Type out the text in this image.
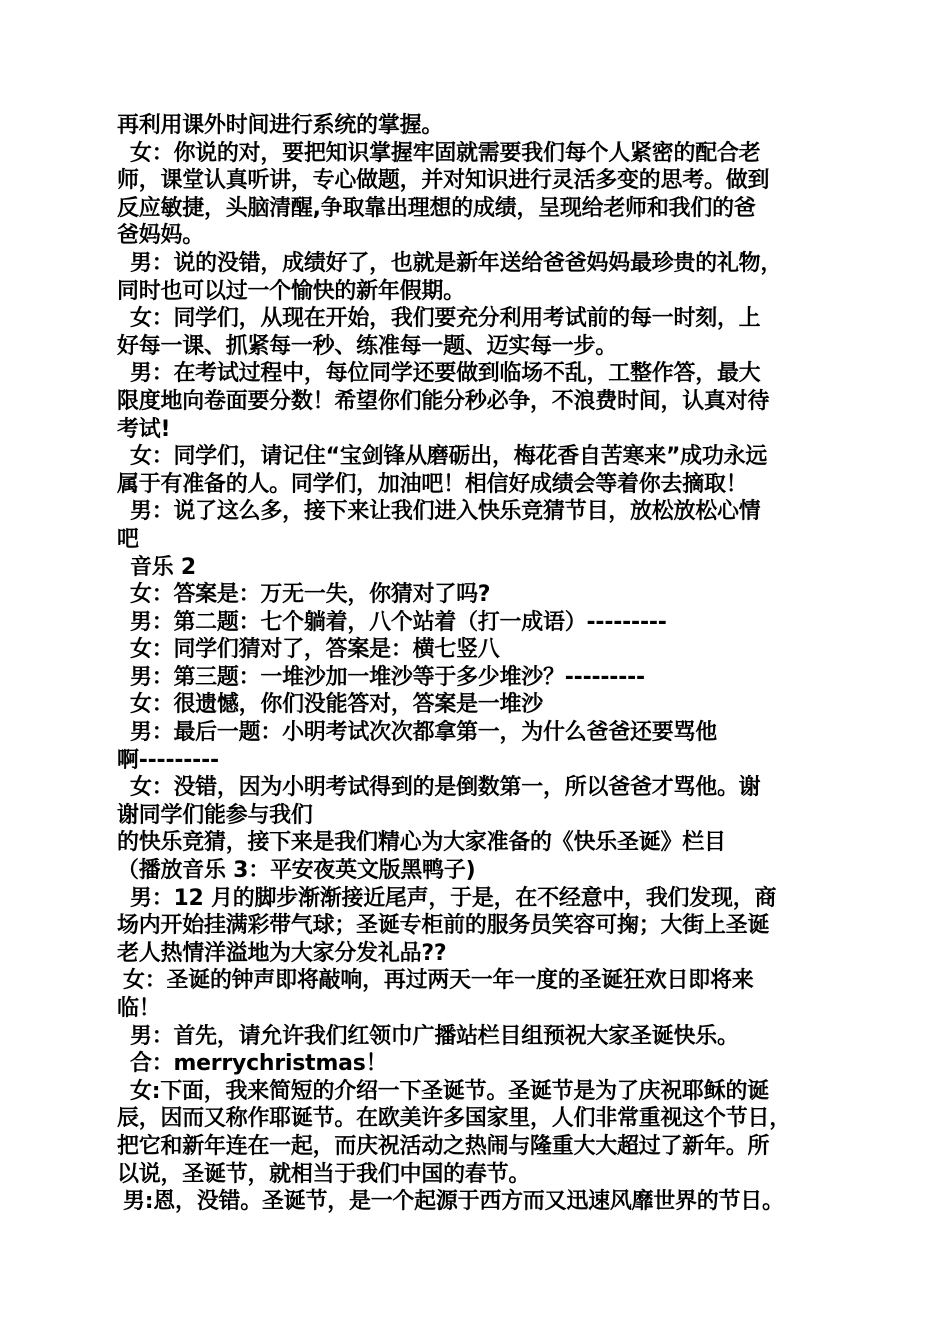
再利用课外时间进行系统的掌握。
女：你说的对，要把知识掌握牢固就需要我们每个人紧密的配合老
师，课堂认真听讲，专心做题，并对知识进行灵活多变的思考。做到
反应敏捷，头脑清醒,争取靠出理想的成绩，呈现给老师和我们的爸
爸妈妈。
男：说的没错，成绩好了，也就是新年送给爸爸妈妈最珍贵的礼物，
同时也可以过一个愉快的新年假期。
女：同学们，从现在开始，我们要充分利用考试前的每一时刻，上
好每一课、抓紧每一秒、练准每一题、迈实每一步。
男：在考试过程中，每位同学还要做到临场不乱，工整作答，最大
限度地向卷面要分数！希望你们能分秒必争，不浪费时间，认真对待
考试!
女：同学们，请记住“宝剑锋从磨砺出，梅花香自苦寒来”成功永远
属于有准备的人。同学们，加油吧！相信好成绩会等着你去摘取！
男：说了这么多，接下来让我们进入快乐竞猜节目，放松放松心情
吧
音乐 2
女：答案是：万无一失，你猜对了吗?
男：第二题：七个躺着，八个站着（打一成语）---------
女：同学们猜对了，答案是：横七竖八
男：第三题：一堆沙加一堆沙等于多少堆沙？---------
女：很遗憾，你们没能答对，答案是一堆沙
男：最后一题：小明考试次次都拿第一，为什么爸爸还要骂他
啊---------
女：没错，因为小明考试得到的是倒数第一，所以爸爸才骂他。谢
谢同学们能参与我们
的快乐竞猜，接下来是我们精心为大家准备的《快乐圣诞》栏目
（播放音乐 3：平安夜英文版黑鸭子)
男：12 月的脚步渐渐接近尾声，于是，在不经意中，我们发现，商
场内开始挂满彩带气球；圣诞专柜前的服务员笑容可掬；大街上圣诞
老人热情洋溢地为大家分发礼品??
女：圣诞的钟声即将敲响，再过两天一年一度的圣诞狂欢日即将来
临！
男：首先，请允许我们红领巾广播站栏目组预祝大家圣诞快乐。
合：merrychristmas！
女:下面，我来简短的介绍一下圣诞节。圣诞节是为了庆祝耶稣的诞
辰，因而又称作耶诞节。在欧美许多国家里，人们非常重视这个节日，
把它和新年连在一起，而庆祝活动之热闹与隆重大大超过了新年。所
以说，圣诞节，就相当于我们中国的春节。
男:恩，没错。圣诞节，是一个起源于西方而又迅速风靡世界的节日。
